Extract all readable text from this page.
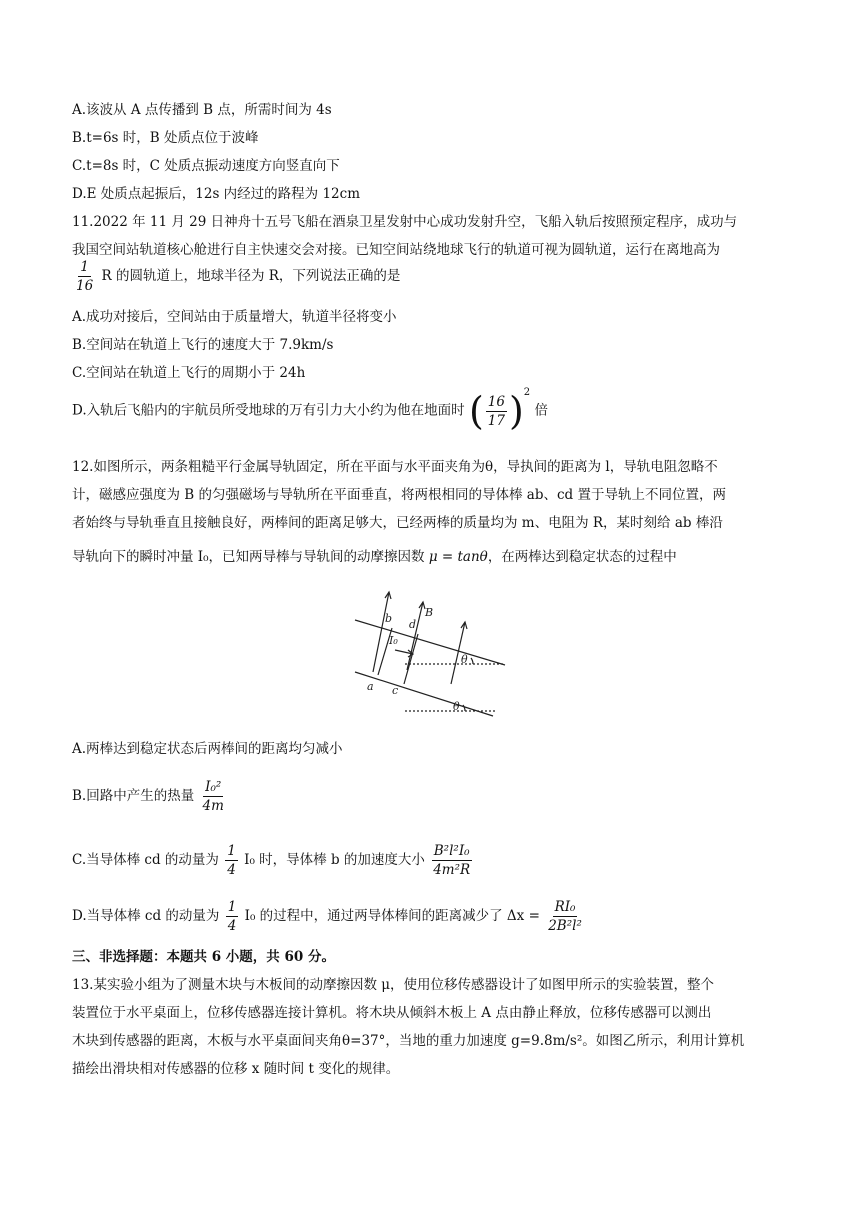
A.该波从 A 点传播到 B 点，所需时间为 4s
B.t=6s 时，B 处质点位于波峰
C.t=8s 时，C 处质点振动速度方向竖直向下
D.E 处质点起振后，12s 内经过的路程为 12cm
11.2022 年 11 月 29 日神舟十五号飞船在酒泉卫星发射中心成功发射升空，飞船入轨后按照预定程序，成功与
我国空间站轨道核心舱进行自主快速交会对接。已知空间站绕地球飞行的轨道可视为圆轨道，运行在离地高为
$\frac{1}{16}$ R 的圆轨道上，地球半径为 R，下列说法正确的是
A.成功对接后，空间站由于质量增大，轨道半径将变小
B.空间站在轨道上飞行的速度大于 7.9km/s
C.空间站在轨道上飞行的周期小于 24h
D.入轨后飞船内的宇航员所受地球的万有引力大小约为他在地面时 ( $\frac{16}{17} )^2$ 倍
12.如图所示，两条粗糙平行金属导轨固定，所在平面与水平面夹角为θ，导执间的距离为 l，导轨电阻忽略不
计，磁感应强度为 B 的匀强磁场与导轨所在平面垂直，将两根相同的导体棒 ab、cd 置于导轨上不同位置，两
者始终与导轨垂直且接触良好，两棒间的距离足够大，已经两棒的质量均为 m、电阻为 R，某时刻给 ab 棒沿
导轨向下的瞬时冲量 I₀，已知两导棒与导轨间的动摩擦因数 μ = tanθ，在两棒达到稳定状态的过程中
b d
B
I₀
a c
θ
θ
A.两棒达到稳定状态后两棒间的距离均匀减小
B.回路中产生的热量 $\frac{\text{I₀²}}{4m}$
C.当导体棒 cd 的动量为 $\frac{1}{4} I_0$ 时，导体棒 b 的加速度大小 $\frac{\text{B²l²I₀}}{\text{4m²R}}$
D.当导体棒 cd 的动量为 $\frac{1}{4} I_0$ 的过程中，通过两导体棒间的距离减少了 $\Delta x = \frac{\text{RI₀}}{\text{2B²l²}}$
三、非选择题：本题共 6 小题，共 60 分。
13.某实验小组为了测量木块与木板间的动摩擦因数 μ，使用位移传感器设计了如图甲所示的实验装置，整个
装置位于水平桌面上，位移传感器连接计算机。将木块从倾斜木板上 A 点由静止释放，位移传感器可以测出
木块到传感器的距离，木板与水平桌面间夹角θ=37°，当地的重力加速度 g=9.8m/s²。如图乙所示，利用计算机
描绘出滑块相对传感器的位移 x 随时间 t 变化的规律。
